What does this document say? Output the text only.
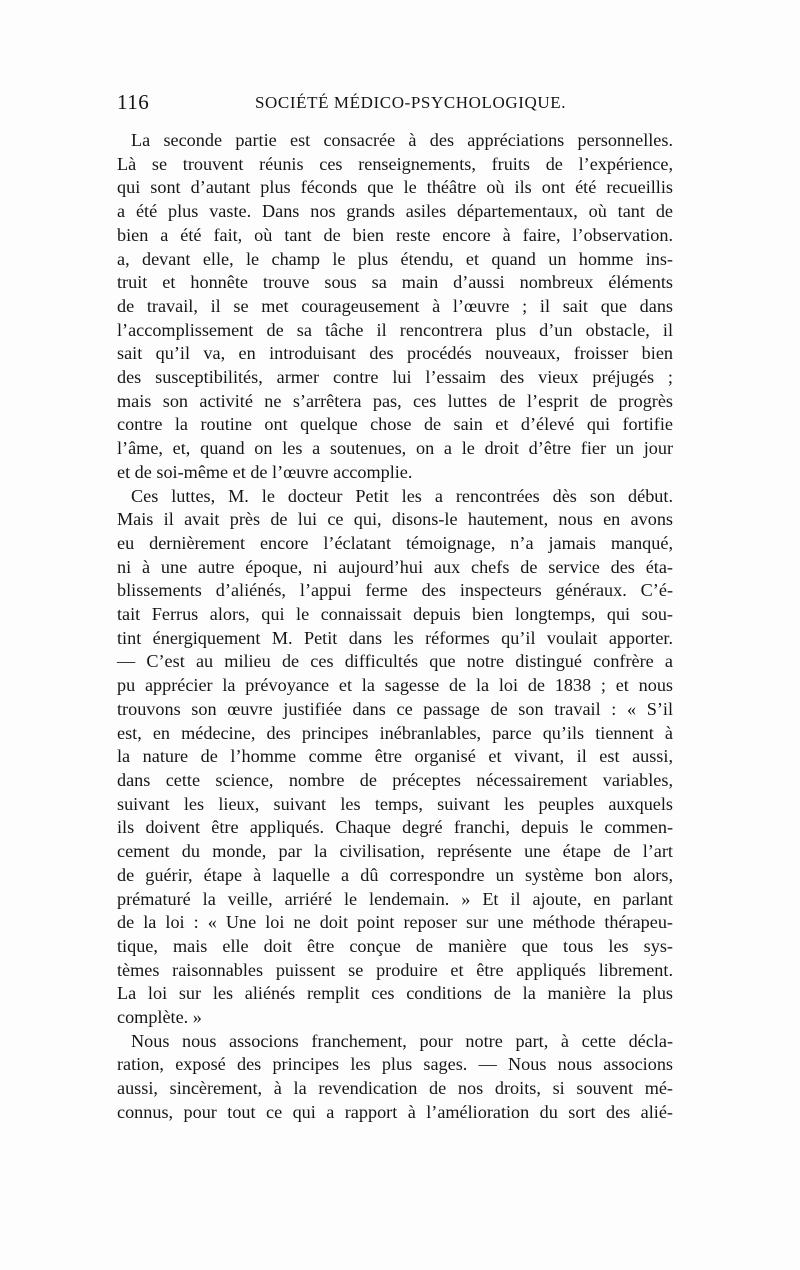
116	SOCIÉTÉ MÉDICO-PSYCHOLOGIQUE.

La seconde partie est consacrée à des appréciations personnelles.

Là se trouvent réunis ces renseignements, fruits de l’expérience,

qui sont d’autant plus féconds que le théâtre où ils ont été recueillis

a été plus vaste. Dans nos grands asiles départementaux, où tant de

bien a été fait, où tant de bien reste encore à faire, l’observation.

a, devant elle, le champ le plus étendu, et quand un homme ins-

truit et honnête trouve sous sa main d’aussi nombreux éléments

de travail, il se met courageusement à l’œuvre ; il sait que dans

l’accomplissement de sa tâche il rencontrera plus d’un obstacle, il

sait qu’il va, en introduisant des procédés nouveaux, froisser bien

des susceptibilités, armer contre lui l’essaim des vieux préjugés ;

mais son activité ne s’arrêtera pas, ces luttes de l’esprit de progrès

contre la routine ont quelque chose de sain et d’élevé qui fortifie

l’âme, et, quand on les a soutenues, on a le droit d’être fier un jour

et de soi-même et de l’œuvre accomplie.

Ces luttes, M. le docteur Petit les a rencontrées dès son début.

Mais il avait près de lui ce qui, disons-le hautement, nous en avons

eu dernièrement encore l’éclatant témoignage, n’a jamais manqué,

ni à une autre époque, ni aujourd’hui aux chefs de service des éta-

blissements d’aliénés, l’appui ferme des inspecteurs généraux. C’é-

tait Ferrus alors, qui le connaissait depuis bien longtemps, qui sou-

tint énergiquement M. Petit dans les réformes qu’il voulait apporter.

— C’est au milieu de ces difficultés que notre distingué confrère a

pu apprécier la prévoyance et la sagesse de la loi de 1838 ; et nous

trouvons son œuvre justifiée dans ce passage de son travail : « S’il

est, en médecine, des principes inébranlables, parce qu’ils tiennent à

la nature de l’homme comme être organisé et vivant, il est aussi,

dans cette science, nombre de préceptes nécessairement variables,

suivant les lieux, suivant les temps, suivant les peuples auxquels

ils doivent être appliqués. Chaque degré franchi, depuis le commen-

cement du monde, par la civilisation, représente une étape de l’art

de guérir, étape à laquelle a dû correspondre un système bon alors,

prématuré la veille, arriéré le lendemain. » Et il ajoute, en parlant

de la loi : « Une loi ne doit point reposer sur une méthode thérapeu-

tique, mais elle doit être conçue de manière que tous les sys-

tèmes raisonnables puissent se produire et être appliqués librement.

La loi sur les aliénés remplit ces conditions de la manière la plus

complète. »

Nous nous associons franchement, pour notre part, à cette décla-

ration, exposé des principes les plus sages. — Nous nous associons

aussi, sincèrement, à la revendication de nos droits, si souvent mé-

connus, pour tout ce qui a rapport à l’amélioration du sort des alié-
